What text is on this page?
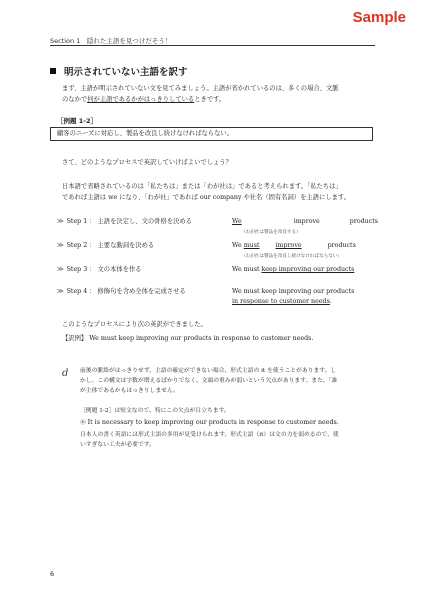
Sample
Section 1　隠れた主語を見つけだそう！
明示されていない主語を訳す
まず、主語が明示されていない文を見てみましょう。主語が省かれているのは、多くの場合、文脈
のなかで何が主語であるかがはっきりしているときです。
［例題 1-2］
顧客のニーズに対応し、製品を改良し続けなければならない。
さて、どのようなプロセスで英訳していけばよいでしょう？
日本語で省略されているのは「私たちは」または「わが社は」であると考えられます。「私たちは」
であれば主語は we になり、「わが社」であれば our company や社名（固有名詞）を主語にします。
≫ Step 1 ： 主語を決定し、文の骨格を決める	We	improve	products
（わが社は製品を改良する）
≫ Step 2 ： 主要な動詞を決める	We must	improve	products
（わが社は製品を改良し続けなければならない）
≫ Step 3 ： 文の本体を作る	We must keep improving our products
≫ Step 4 ： 修飾句を含め全体を完成させる	We must keep improving our products
in response to customer needs.
このようなプロセスにより次の英訳ができました。
【訳例】 We must keep improving our products in response to customer needs.
d 前後の脈絡がはっきりせず、主語の確定ができない場合、形式主語の it を使うことがあります。し
かし、この構文は字数が増えるばかりでなく、文頭の重みが弱いという欠点があります。また、「誰
が主体であるかもはっきりしません。
［例題 1-2］は短文なので、特にこの欠点が目立ちます。
㊍ It is necessary to keep improving our products in response to customer needs.
日本人の書く英語には形式主語の多用が見受けられます。形式主語（it）は文の力を弱めるので、使
いすぎない工夫が必要です。
6
